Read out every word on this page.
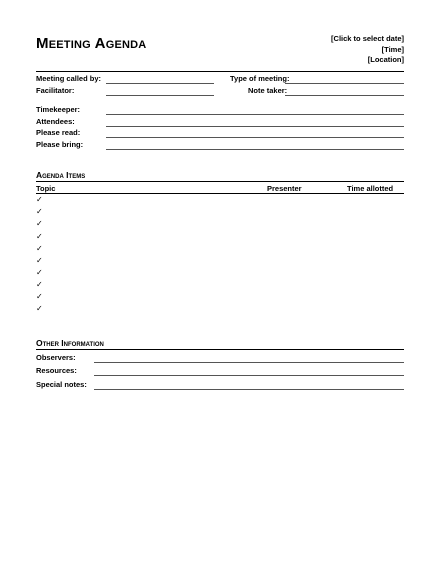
Meeting Agenda	[Click to select date]
[Time]
[Location]
Meeting called by:	Type of meeting:
Facilitator:	Note taker:
Timekeeper:
Attendees:
Please read:
Please bring:
Agenda Items
Topic	Presenter	Time allotted
✓
✓
✓
✓
✓
✓
✓
✓
✓
✓
Other Information
Observers:
Resources:
Special notes:
